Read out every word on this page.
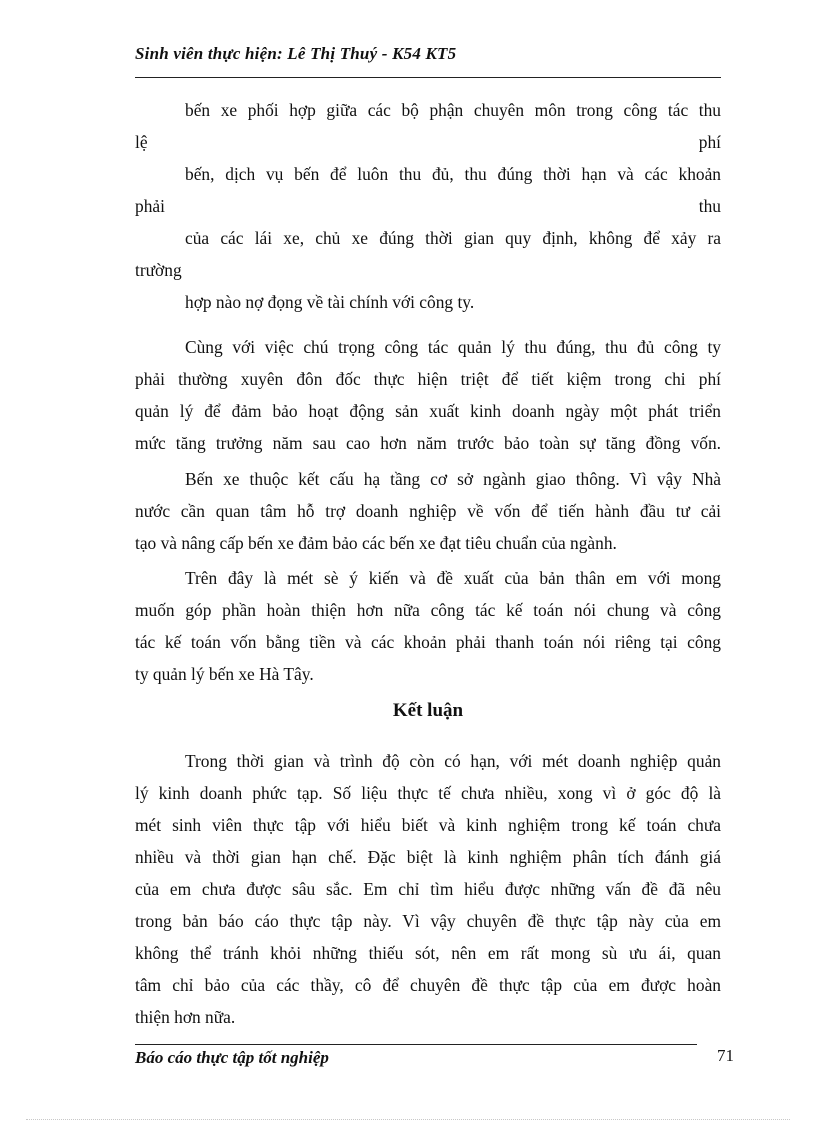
Sinh viên thực hiện: Lê Thị Thuý - K54 KT5
bến xe phối hợp giữa các bộ phận chuyên môn trong công tác thu
lệ	phí
bến, dịch vụ bến để luôn thu đủ, thu đúng thời hạn và các khoản
phải	thu
của các lái xe, chủ xe đúng thời gian quy định, không để xảy ra
trường
hợp nào nợ đọng về tài chính với công ty.
Cùng với việc chú trọng công tác quản lý thu đúng, thu đủ công ty
phải thường xuyên đôn đốc thực hiện triệt để tiết kiệm trong chi phí
quản lý để đảm bảo hoạt động sản xuất kinh doanh ngày một phát triển
mức tăng trưởng năm sau cao hơn năm trước bảo toàn sự tăng đồng vốn.
Bến xe thuộc kết cấu hạ tầng cơ sở ngành giao thông. Vì vậy Nhà
nước cần quan tâm hỗ trợ doanh nghiệp về vốn để tiến hành đầu tư cải
tạo và nâng cấp bến xe đảm bảo các bến xe đạt tiêu chuẩn của ngành.
Trên đây là mét sè ý kiến và đề xuất của bản thân em với mong
muốn góp phần hoàn thiện hơn nữa công tác kế toán nói chung và công
tác kế toán vốn bằng tiền và các khoản phải thanh toán nói riêng tại công
ty quản lý bến xe Hà Tây.
Kết luận
Trong thời gian và trình độ còn có hạn, với mét doanh nghiệp quản
lý kinh doanh phức tạp. Số liệu thực tế chưa nhiều, xong vì ở góc độ là
mét sinh viên thực tập với hiểu biết và kinh nghiệm trong kế toán chưa
nhiều và thời gian hạn chế. Đặc biệt là kinh nghiệm phân tích đánh giá
của em chưa được sâu sắc. Em chỉ tìm hiểu được những vấn đề đã nêu
trong bản báo cáo thực tập này. Vì vậy chuyên đề thực tập này của em
không thể tránh khỏi những thiếu sót, nên em rất mong sù ưu ái, quan
tâm chỉ bảo của các thầy, cô để chuyên đề thực tập của em được hoàn
thiện hơn nữa.
Báo cáo thực tập tốt nghiệp	71
